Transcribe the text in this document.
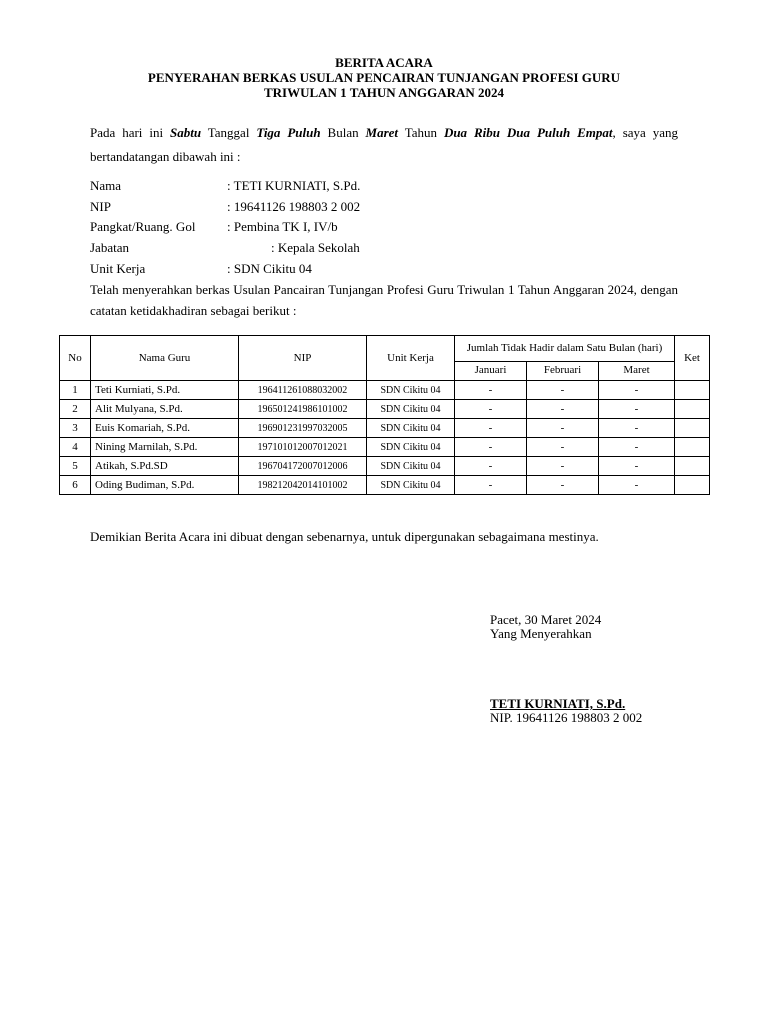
BERITA ACARA
PENYERAHAN BERKAS USULAN PENCAIRAN TUNJANGAN PROFESI GURU
TRIWULAN 1 TAHUN ANGGARAN 2024
Pada hari ini Sabtu Tanggal Tiga Puluh Bulan Maret Tahun Dua Ribu Dua Puluh Empat, saya yang bertandatangan dibawah ini :
Nama	: TETI KURNIATI, S.Pd.
NIP	: 19641126 198803 2 002
Pangkat/Ruang. Gol : Pembina TK I, IV/b
Jabatan	: Kepala Sekolah
Unit Kerja	: SDN Cikitu 04
Telah menyerahkan berkas Usulan Pancairan Tunjangan Profesi Guru Triwulan 1 Tahun Anggaran 2024, dengan catatan ketidakhadiran sebagai berikut :
No	Nama Guru	NIP	Unit Kerja	Jumlah Tidak Hadir dalam Satu Bulan (hari)			Ket
				Januari	Februari	Maret	
1	Teti Kurniati, S.Pd.	196411261088032002	SDN Cikitu 04	-	-	-	
2	Alit Mulyana, S.Pd.	196501241986101002	SDN Cikitu 04	-	-	-	
3	Euis Komariah, S.Pd.	196901231997032005	SDN Cikitu 04	-	-	-	
4	Nining Marnilah, S.Pd.	197101012007012021	SDN Cikitu 04	-	-	-	
5	Atikah, S.Pd.SD	196704172007012006	SDN Cikitu 04	-	-	-	
6	Oding Budiman, S.Pd.	198212042014101002	SDN Cikitu 04	-	-	-	
Demikian Berita Acara ini dibuat dengan sebenarnya, untuk dipergunakan sebagaimana mestinya.
Pacet, 30 Maret 2024
Yang Menyerahkan
TETI KURNIATI, S.Pd.
NIP. 19641126 198803 2 002
